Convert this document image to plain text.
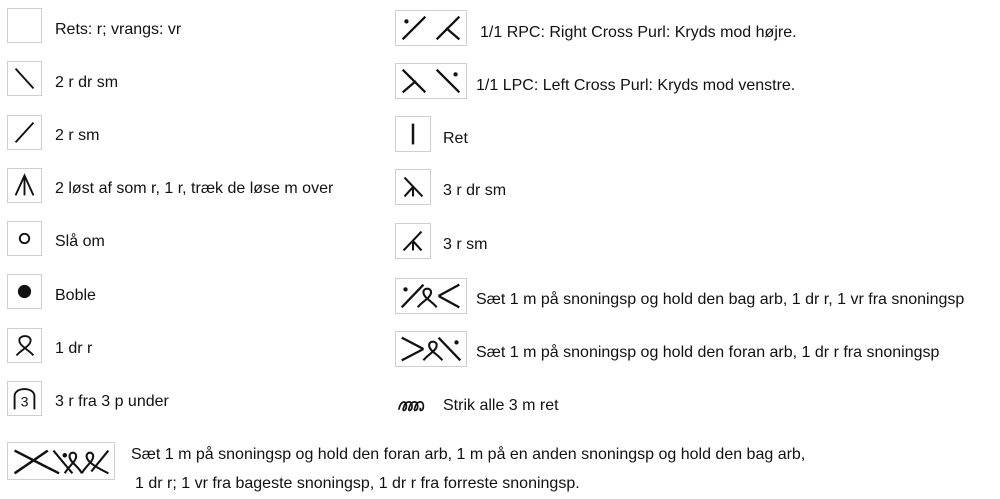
Rets: r; vrangs: vr
2 r dr sm
2 r sm
2 løst af som r, 1 r, træk de løse m over
Slå om
Boble
1 dr r
3 3 r fra 3 p under
1/1 RPC: Right Cross Purl: Kryds mod højre.
1/1 LPC: Left Cross Purl: Kryds mod venstre.
Ret
3 r dr sm
3 r sm
Sæt 1 m på snoningsp og hold den bag arb, 1 dr r, 1 vr fra snoningsp
Sæt 1 m på snoningsp og hold den foran arb, 1 dr r fra snoningsp
Strik alle 3 m ret
Sæt 1 m på snoningsp og hold den foran arb, 1 m på en anden snoningsp og hold den bag arb,
1 dr r; 1 vr fra bageste snoningsp, 1 dr r fra forreste snoningsp.
